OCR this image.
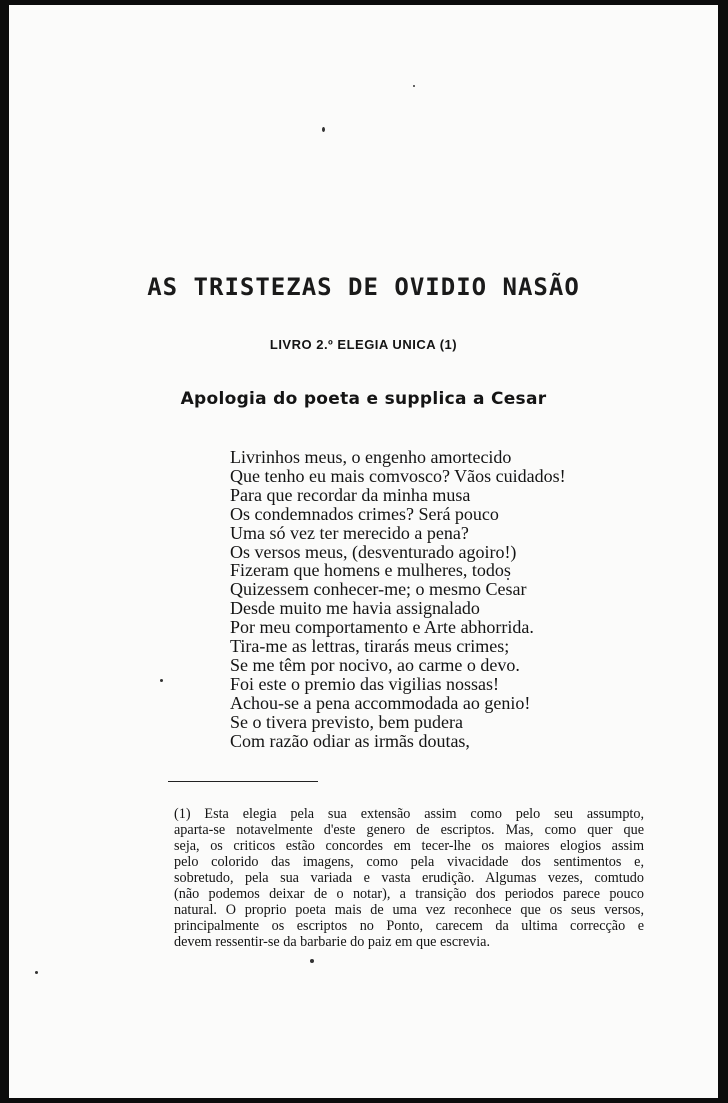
AS TRISTEZAS DE OVIDIO NASÃO
LIVRO 2.º ELEGIA UNICA (1)
Apologia do poeta e supplica a Cesar
Livrinhos meus, o engenho amortecido
Que tenho eu mais comvosco? Vãos cuidados!
Para que recordar da minha musa
Os condemnados crimes? Será pouco
Uma só vez ter merecido a pena?
Os versos meus, (desventurado agoiro!)
Fizeram que homens e mulheres, todos
Quizessem conhecer-me; o mesmo Cesar
Desde muito me havia assignalado
Por meu comportamento e Arte abhorrida.
Tira-me as lettras, tirarás meus crimes;
Se me têm por nocivo, ao carme o devo.
Foi este o premio das vigilias nossas!
Achou-se a pena accommodada ao genio!
Se o tivera previsto, bem pudera
Com razão odiar as irmãs doutas,

(1) Esta elegia pela sua extensão assim como pelo seu assumpto,
aparta-se notavelmente d'este genero de escriptos. Mas, como quer que
seja, os criticos estão concordes em tecer-lhe os maiores elogios assim
pelo colorido das imagens, como pela vivacidade dos sentimentos e,
sobretudo, pela sua variada e vasta erudição. Algumas vezes, comtudo
(não podemos deixar de o notar), a transição dos periodos parece pouco
natural. O proprio poeta mais de uma vez reconhece que os seus versos,
principalmente os escriptos no Ponto, carecem da ultima correcção e
devem ressentir-se da barbarie do paiz em que escrevia.
